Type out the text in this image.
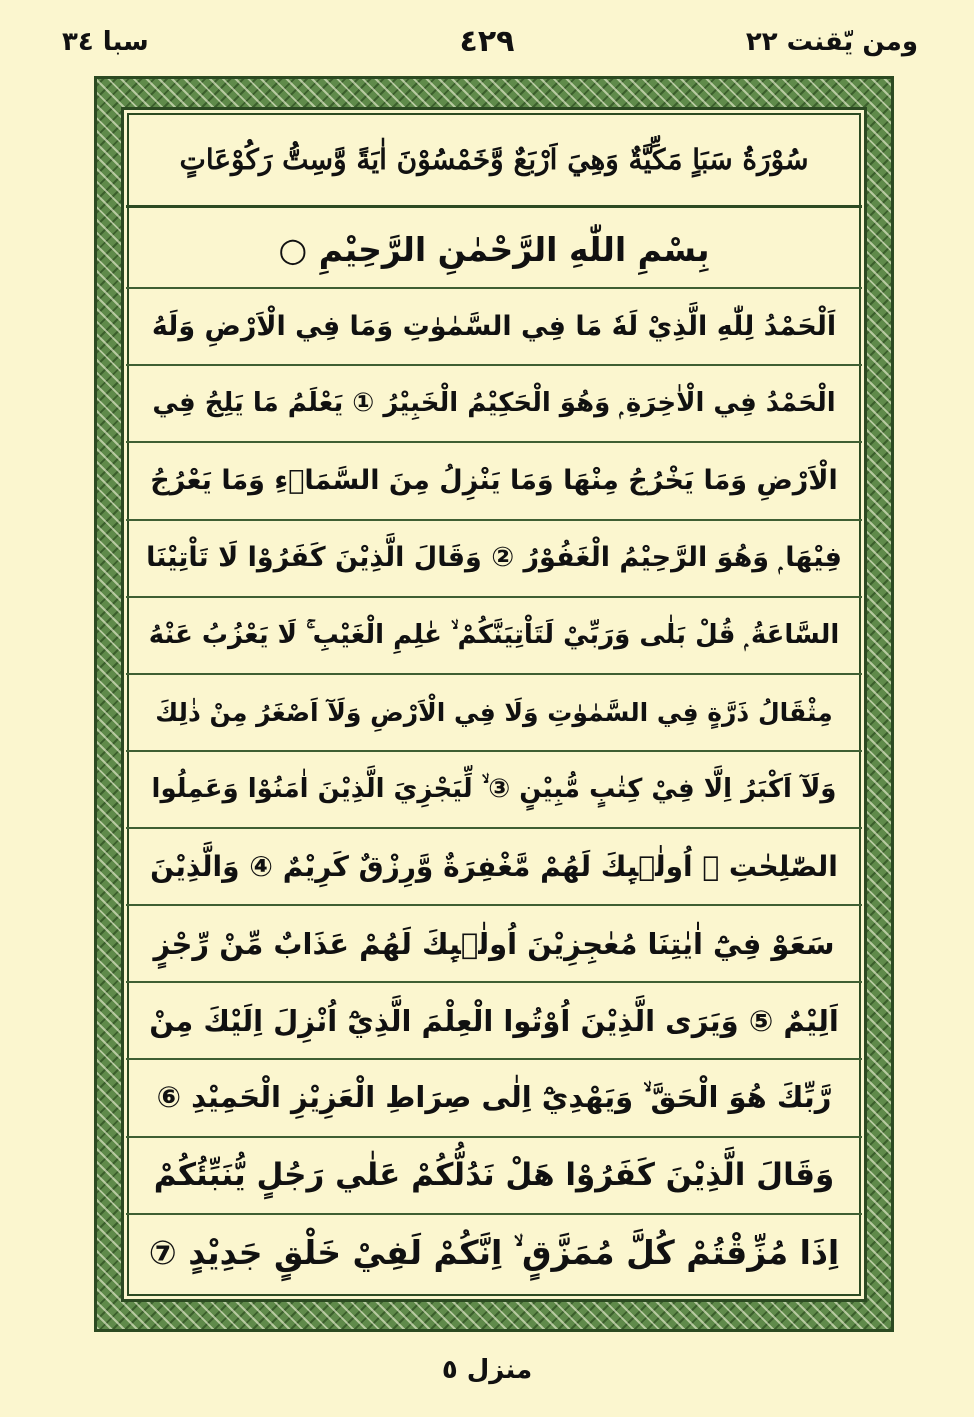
ومن يّقنت ٢٢
٤٢٩
سبا ٣٤
سُوْرَةُ سَبَاٍ مَكِّيَّةٌ وَهِيَ اَرْبَعٌ وَّخَمْسُوْنَ اٰيَةً وَّسِتُّ رَكُوْعَاتٍ
بِسْمِ اللّٰهِ الرَّحْمٰنِ الرَّحِيْمِ ○
اَلْحَمْدُ لِلّٰهِ الَّذِيْ لَهٗ مَا فِي السَّمٰوٰتِ وَمَا فِي الْاَرْضِ وَلَهُ
الْحَمْدُ فِي الْاٰخِرَةِ ۭ وَهُوَ الْحَكِيْمُ الْخَبِيْرُ ① يَعْلَمُ مَا يَلِجُ فِي
الْاَرْضِ وَمَا يَخْرُجُ مِنْهَا وَمَا يَنْزِلُ مِنَ السَّمَاۗءِ وَمَا يَعْرُجُ
فِيْهَا ۭ وَهُوَ الرَّحِيْمُ الْغَفُوْرُ ② وَقَالَ الَّذِيْنَ كَفَرُوْا لَا تَاْتِيْنَا
السَّاعَةُ ۭ قُلْ بَلٰى وَرَبِّيْ لَتَاْتِيَنَّكُمْ ۙ عٰلِمِ الْغَيْبِ ۚ لَا يَعْزُبُ عَنْهُ
مِثْقَالُ ذَرَّةٍ فِي السَّمٰوٰتِ وَلَا فِي الْاَرْضِ وَلَآ اَصْغَرُ مِنْ ذٰلِكَ
وَلَآ اَكْبَرُ اِلَّا فِيْ كِتٰبٍ مُّبِيْنٍ ③ ۙ لِّيَجْزِيَ الَّذِيْنَ اٰمَنُوْا وَعَمِلُوا
الصّٰلِحٰتِ ۭ اُولٰۗىِٕكَ لَهُمْ مَّغْفِرَةٌ وَّرِزْقٌ كَرِيْمٌ ④ وَالَّذِيْنَ
سَعَوْ فِيْٓ اٰيٰتِنَا مُعٰجِزِيْنَ اُولٰۗىِٕكَ لَهُمْ عَذَابٌ مِّنْ رِّجْزٍ
اَلِيْمٌ ⑤ وَيَرَى الَّذِيْنَ اُوْتُوا الْعِلْمَ الَّذِيْٓ اُنْزِلَ اِلَيْكَ مِنْ
رَّبِّكَ هُوَ الْحَقَّ ۙ وَيَهْدِيْٓ اِلٰى صِرَاطِ الْعَزِيْزِ الْحَمِيْدِ ⑥
وَقَالَ الَّذِيْنَ كَفَرُوْا هَلْ نَدُلُّكُمْ عَلٰي رَجُلٍ يُّنَبِّئُكُمْ
اِذَا مُزِّقْتُمْ كُلَّ مُمَزَّقٍ ۙ اِنَّكُمْ لَفِيْ خَلْقٍ جَدِيْدٍ ⑦
منزل ٥
